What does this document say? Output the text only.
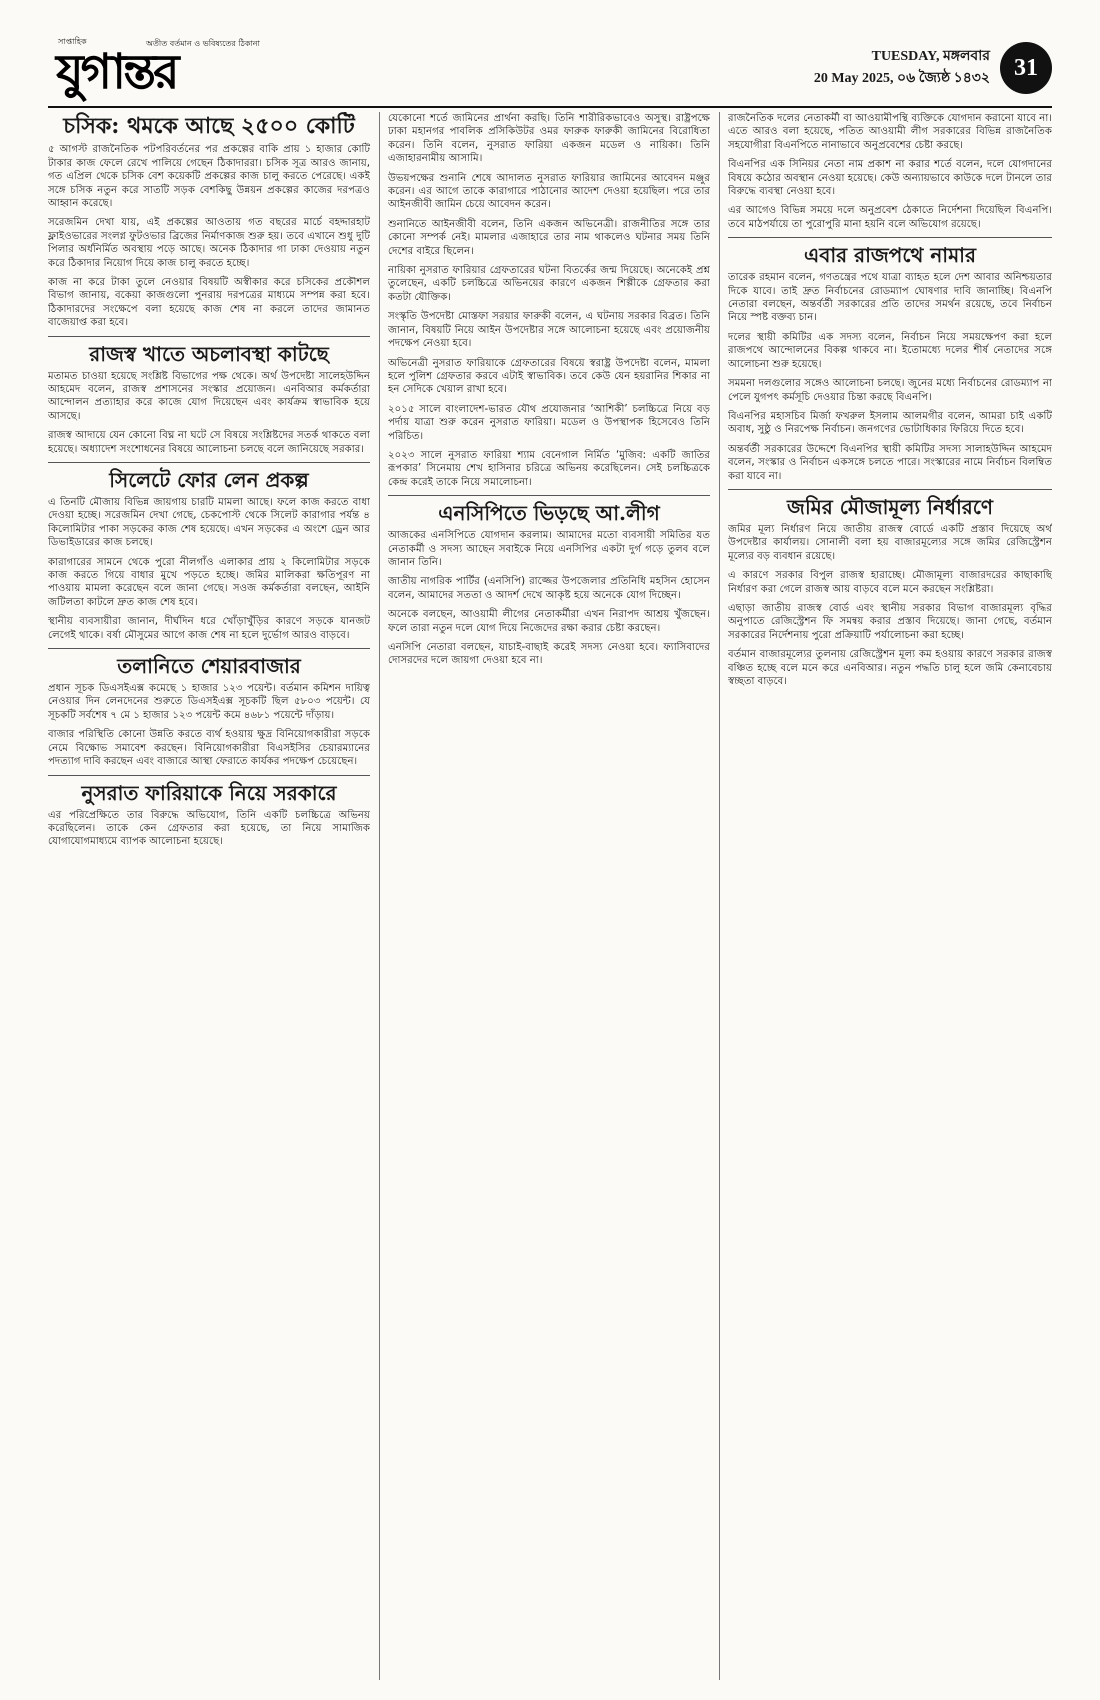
সাপ্তাহিক	অতীত বর্তমান ও ভবিষ্যতের ঠিকানা
যুগান্তর	TUESDAY, মঙ্গলবার
20 May 2025, ০৬ জ্যৈষ্ঠ ১৪৩২	31
চসিক: থমকে আছে ২৫০০ কোটি

৫ আগস্ট রাজনৈতিক পটপরিবর্তনের পর প্রকল্পের বাকি প্রায় ১ হাজার কোটি টাকার কাজ ফেলে রেখে পালিয়ে গেছেন ঠিকাদাররা। চসিক সূত্র আরও জানায়, গত এপ্রিল থেকে চসিক বেশ কয়েকটি প্রকল্পের কাজ চালু করতে পেরেছে। একই সঙ্গে চসিক নতুন করে সাতটি সড়ক বেশকিছু উন্নয়ন প্রকল্পের কাজের দরপত্রও আহ্বান করেছে।

সরেজমিন দেখা যায়, এই প্রকল্পের আওতায় গত বছরের মার্চে বহদ্দারহাট ফ্লাইওভারের সংলগ্ন ফুটওভার ব্রিজের নির্মাণকাজ শুরু হয়। তবে এখানে শুধু দুটি পিলার অর্ধনির্মিত অবস্থায় পড়ে আছে। অনেক ঠিকাদার গা ঢাকা দেওয়ায় নতুন করে ঠিকাদার নিয়োগ দিয়ে কাজ চালু করতে হচ্ছে।

কাজ না করে টাকা তুলে নেওয়ার বিষয়টি অস্বীকার করে চসিকের প্রকৌশল বিভাগ জানায়, বকেয়া কাজগুলো পুনরায় দরপত্রের মাধ্যমে সম্পন্ন করা হবে। ঠিকাদারদের সংক্ষেপে বলা হয়েছে কাজ শেষ না করলে তাদের জামানত বাজেয়াপ্ত করা হবে।

রাজস্ব খাতে অচলাবস্থা কাটছে

মতামত চাওয়া হয়েছে সংশ্লিষ্ট বিভাগের পক্ষ থেকে। অর্থ উপদেষ্টা সালেহউদ্দিন আহমেদ বলেন, রাজস্ব প্রশাসনের সংস্কার প্রয়োজন। এনবিআর কর্মকর্তারা আন্দোলন প্রত্যাহার করে কাজে যোগ দিয়েছেন এবং কার্যক্রম স্বাভাবিক হয়ে আসছে।

রাজস্ব আদায়ে যেন কোনো বিঘ্ন না ঘটে সে বিষয়ে সংশ্লিষ্টদের সতর্ক থাকতে বলা হয়েছে। অধ্যাদেশ সংশোধনের বিষয়ে আলোচনা চলছে বলে জানিয়েছে সরকার।

সিলেটে ফোর লেন প্রকল্প

এ তিনটি মৌজায় বিভিন্ন জায়গায় চারটি মামলা আছে। ফলে কাজ করতে বাধা দেওয়া হচ্ছে। সরেজমিন দেখা গেছে, চেকপোস্ট থেকে সিলেট কারাগার পর্যন্ত ৪ কিলোমিটার পাকা সড়কের কাজ শেষ হয়েছে। এখন সড়কের এ অংশে ড্রেন আর ডিভাইডারের কাজ চলছে।

কারাগারের সামনে থেকে পুরো নীলগাঁও এলাকার প্রায় ২ কিলোমিটার সড়কে কাজ করতে গিয়ে বাধার মুখে পড়তে হচ্ছে। জমির মালিকরা ক্ষতিপূরণ না পাওয়ায় মামলা করেছেন বলে জানা গেছে। সওজ কর্মকর্তারা বলছেন, আইনি জটিলতা কাটলে দ্রুত কাজ শেষ হবে।

স্থানীয় ব্যবসায়ীরা জানান, দীর্ঘদিন ধরে খোঁড়াখুঁড়ির কারণে সড়কে যানজট লেগেই থাকে। বর্ষা মৌসুমের আগে কাজ শেষ না হলে দুর্ভোগ আরও বাড়বে।

তলানিতে শেয়ারবাজার

প্রধান সূচক ডিএসইএক্স কমেছে ১ হাজার ১২৩ পয়েন্ট। বর্তমান কমিশন দায়িত্ব নেওয়ার দিন লেনদেনের শুরুতে ডিএসইএক্স সূচকটি ছিল ৫৮০৩ পয়েন্ট। যে সূচকটি সর্বশেষ ৭ মে ১ হাজার ১২৩ পয়েন্ট কমে ৪৬৮১ পয়েন্টে দাঁড়ায়।

বাজার পরিস্থিতি কোনো উন্নতি করতে ব্যর্থ হওয়ায় ক্ষুদ্র বিনিয়োগকারীরা সড়কে নেমে বিক্ষোভ সমাবেশ করছেন। বিনিয়োগকারীরা বিএসইসির চেয়ারম্যানের পদত্যাগ দাবি করছেন এবং বাজারে আস্থা ফেরাতে কার্যকর পদক্ষেপ চেয়েছেন।

নুসরাত ফারিয়াকে নিয়ে সরকারে

এর পরিপ্রেক্ষিতে তার বিরুদ্ধে অভিযোগ, তিনি একটি চলচ্চিত্রে অভিনয় করেছিলেন। তাকে কেন গ্রেফতার করা হয়েছে, তা নিয়ে সামাজিক যোগাযোগমাধ্যমে ব্যাপক আলোচনা হয়েছে।

যেকোনো শর্তে জামিনের প্রার্থনা করছি। তিনি শারীরিকভাবেও অসুস্থ। রাষ্ট্রপক্ষে ঢাকা মহানগর পাবলিক প্রসিকিউটর ওমর ফারুক ফারুকী জামিনের বিরোধিতা করেন। তিনি বলেন, নুসরাত ফারিয়া একজন মডেল ও নায়িকা। তিনি এজাহারনামীয় আসামি।

উভয়পক্ষের শুনানি শেষে আদালত নুসরাত ফারিয়ার জামিনের আবেদন মঞ্জুর করেন। এর আগে তাকে কারাগারে পাঠানোর আদেশ দেওয়া হয়েছিল। পরে তার আইনজীবী জামিন চেয়ে আবেদন করেন।

শুনানিতে আইনজীবী বলেন, তিনি একজন অভিনেত্রী। রাজনীতির সঙ্গে তার কোনো সম্পর্ক নেই। মামলার এজাহারে তার নাম থাকলেও ঘটনার সময় তিনি দেশের বাইরে ছিলেন।

নায়িকা নুসরাত ফারিয়ার গ্রেফতারের ঘটনা বিতর্কের জন্ম দিয়েছে। অনেকেই প্রশ্ন তুলেছেন, একটি চলচ্চিত্রে অভিনয়ের কারণে একজন শিল্পীকে গ্রেফতার করা কতটা যৌক্তিক।

সংস্কৃতি উপদেষ্টা মোস্তফা সরয়ার ফারুকী বলেন, এ ঘটনায় সরকার বিব্রত। তিনি জানান, বিষয়টি নিয়ে আইন উপদেষ্টার সঙ্গে আলোচনা হয়েছে এবং প্রয়োজনীয় পদক্ষেপ নেওয়া হবে।

অভিনেত্রী নুসরাত ফারিয়াকে গ্রেফতারের বিষয়ে স্বরাষ্ট্র উপদেষ্টা বলেন, মামলা হলে পুলিশ গ্রেফতার করবে এটাই স্বাভাবিক। তবে কেউ যেন হয়রানির শিকার না হন সেদিকে খেয়াল রাখা হবে।

২০১৫ সালে বাংলাদেশ-ভারত যৌথ প্রযোজনার ‘আশিকী’ চলচ্চিত্রে নিয়ে বড় পর্দায় যাত্রা শুরু করেন নুসরাত ফারিয়া। মডেল ও উপস্থাপক হিসেবেও তিনি পরিচিত।

২০২৩ সালে নুসরাত ফারিয়া শ্যাম বেনেগাল নির্মিত ‘মুজিব: একটি জাতির রূপকার’ সিনেমায় শেখ হাসিনার চরিত্রে অভিনয় করেছিলেন। সেই চলচ্চিত্রকে কেন্দ্র করেই তাকে নিয়ে সমালোচনা।

এনসিপিতে ভিড়ছে আ.লীগ

আজকের এনসিপিতে যোগদান করলাম। আমাদের মতো ব্যবসায়ী সমিতির যত নেতাকর্মী ও সদস্য আছেন সবাইকে নিয়ে এনসিপির একটা দুর্গ গড়ে তুলব বলে জানান তিনি।

জাতীয় নাগরিক পার্টির (এনসিপি) রাজ্জের উপজেলার প্রতিনিধি মহসিন হোসেন বলেন, আমাদের সততা ও আদর্শ দেখে আকৃষ্ট হয়ে অনেকে যোগ দিচ্ছেন।

অনেকে বলছেন, আওয়ামী লীগের নেতাকর্মীরা এখন নিরাপদ আশ্রয় খুঁজছেন। ফলে তারা নতুন দলে যোগ দিয়ে নিজেদের রক্ষা করার চেষ্টা করছেন।

এনসিপি নেতারা বলছেন, যাচাই-বাছাই করেই সদস্য নেওয়া হবে। ফ্যাসিবাদের দোসরদের দলে জায়গা দেওয়া হবে না।

রাজনৈতিক দলের নেতাকর্মী বা আওয়ামীপন্থি ব্যক্তিকে যোগদান করানো যাবে না। এতে আরও বলা হয়েছে, পতিত আওয়ামী লীগ সরকারের বিভিন্ন রাজনৈতিক সহযোগীরা বিএনপিতে নানাভাবে অনুপ্রবেশের চেষ্টা করছে।

বিএনপির এক সিনিয়র নেতা নাম প্রকাশ না করার শর্তে বলেন, দলে যোগদানের বিষয়ে কঠোর অবস্থান নেওয়া হয়েছে। কেউ অন্যায়ভাবে কাউকে দলে টানলে তার বিরুদ্ধে ব্যবস্থা নেওয়া হবে।

এর আগেও বিভিন্ন সময়ে দলে অনুপ্রবেশ ঠেকাতে নির্দেশনা দিয়েছিল বিএনপি। তবে মাঠপর্যায়ে তা পুরোপুরি মানা হয়নি বলে অভিযোগ রয়েছে।

এবার রাজপথে নামার

তারেক রহমান বলেন, গণতন্ত্রের পথে যাত্রা ব্যাহত হলে দেশ আবার অনিশ্চয়তার দিকে যাবে। তাই দ্রুত নির্বাচনের রোডম্যাপ ঘোষণার দাবি জানাচ্ছি। বিএনপি নেতারা বলছেন, অন্তর্বর্তী সরকারের প্রতি তাদের সমর্থন রয়েছে, তবে নির্বাচন নিয়ে স্পষ্ট বক্তব্য চান।

দলের স্থায়ী কমিটির এক সদস্য বলেন, নির্বাচন নিয়ে সময়ক্ষেপণ করা হলে রাজপথে আন্দোলনের বিকল্প থাকবে না। ইতোমধ্যে দলের শীর্ষ নেতাদের সঙ্গে আলোচনা শুরু হয়েছে।

সমমনা দলগুলোর সঙ্গেও আলোচনা চলছে। জুনের মধ্যে নির্বাচনের রোডম্যাপ না পেলে যুগপৎ কর্মসূচি দেওয়ার চিন্তা করছে বিএনপি।

বিএনপির মহাসচিব মির্জা ফখরুল ইসলাম আলমগীর বলেন, আমরা চাই একটি অবাধ, সুষ্ঠু ও নিরপেক্ষ নির্বাচন। জনগণের ভোটাধিকার ফিরিয়ে দিতে হবে।

অন্তর্বর্তী সরকারের উদ্দেশে বিএনপির স্থায়ী কমিটির সদস্য সালাহউদ্দিন আহমেদ বলেন, সংস্কার ও নির্বাচন একসঙ্গে চলতে পারে। সংস্কারের নামে নির্বাচন বিলম্বিত করা যাবে না।

জমির মৌজামূল্য নির্ধারণে

জমির মূল্য নির্ধারণ নিয়ে জাতীয় রাজস্ব বোর্ডে একটি প্রস্তাব দিয়েছে অর্থ উপদেষ্টার কার্যালয়। সোনালী বলা হয় বাজারমূল্যের সঙ্গে জমির রেজিস্ট্রেশন মূল্যের বড় ব্যবধান রয়েছে।

এ কারণে সরকার বিপুল রাজস্ব হারাচ্ছে। মৌজামূল্য বাজারদরের কাছাকাছি নির্ধারণ করা গেলে রাজস্ব আয় বাড়বে বলে মনে করছেন সংশ্লিষ্টরা।

এছাড়া জাতীয় রাজস্ব বোর্ড এবং স্থানীয় সরকার বিভাগ বাজারমূল্য বৃদ্ধির অনুপাতে রেজিস্ট্রেশন ফি সমন্বয় করার প্রস্তাব দিয়েছে। জানা গেছে, বর্তমান সরকারের নির্দেশনায় পুরো প্রক্রিয়াটি পর্যালোচনা করা হচ্ছে।

বর্তমান বাজারমূল্যের তুলনায় রেজিস্ট্রেশন মূল্য কম হওয়ায় কারণে সরকার রাজস্ব বঞ্চিত হচ্ছে বলে মনে করে এনবিআর। নতুন পদ্ধতি চালু হলে জমি কেনাবেচায় স্বচ্ছতা বাড়বে।
